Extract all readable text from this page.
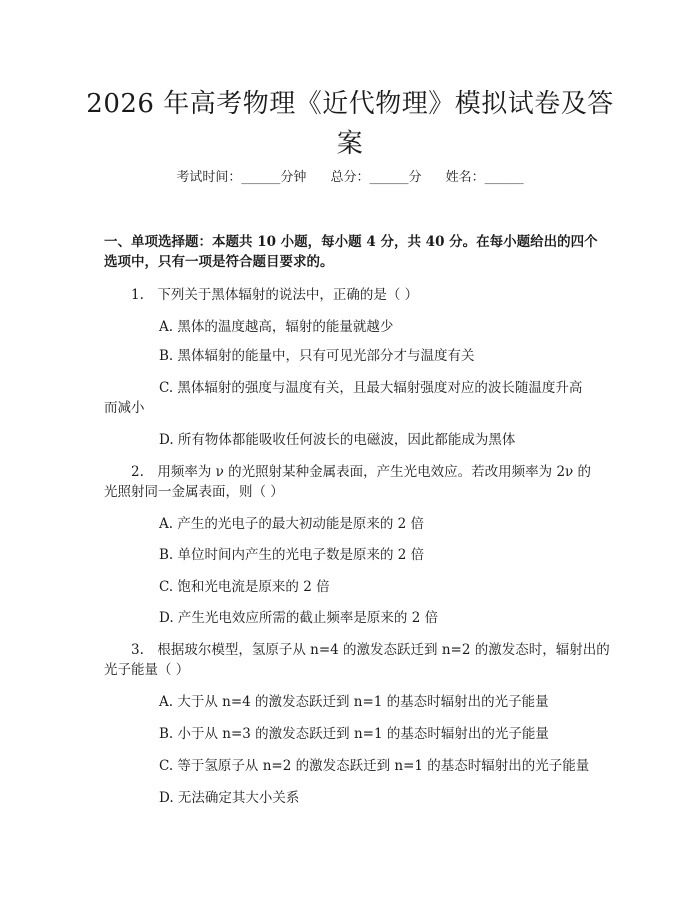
2026 年高考物理《近代物理》模拟试卷及答
案
考试时间：______分钟 总分：______分 姓名：______
一、单项选择题：本题共 10 小题，每小题 4 分，共 40 分。在每小题给出的四个
选项中，只有一项是符合题目要求的。
1.　下列关于黑体辐射的说法中，正确的是（ ）
A. 黑体的温度越高，辐射的能量就越少
B. 黑体辐射的能量中，只有可见光部分才与温度有关
C. 黑体辐射的强度与温度有关，且最大辐射强度对应的波长随温度升高
而减小
D. 所有物体都能吸收任何波长的电磁波，因此都能成为黑体
2.　用频率为 ν 的光照射某种金属表面，产生光电效应。若改用频率为 2ν 的
光照射同一金属表面，则（ ）
A. 产生的光电子的最大初动能是原来的 2 倍
B. 单位时间内产生的光电子数是原来的 2 倍
C. 饱和光电流是原来的 2 倍
D. 产生光电效应所需的截止频率是原来的 2 倍
3.　根据玻尔模型，氢原子从 n=4 的激发态跃迁到 n=2 的激发态时，辐射出的
光子能量（ ）
A. 大于从 n=4 的激发态跃迁到 n=1 的基态时辐射出的光子能量
B. 小于从 n=3 的激发态跃迁到 n=1 的基态时辐射出的光子能量
C. 等于氢原子从 n=2 的激发态跃迁到 n=1 的基态时辐射出的光子能量
D. 无法确定其大小关系
